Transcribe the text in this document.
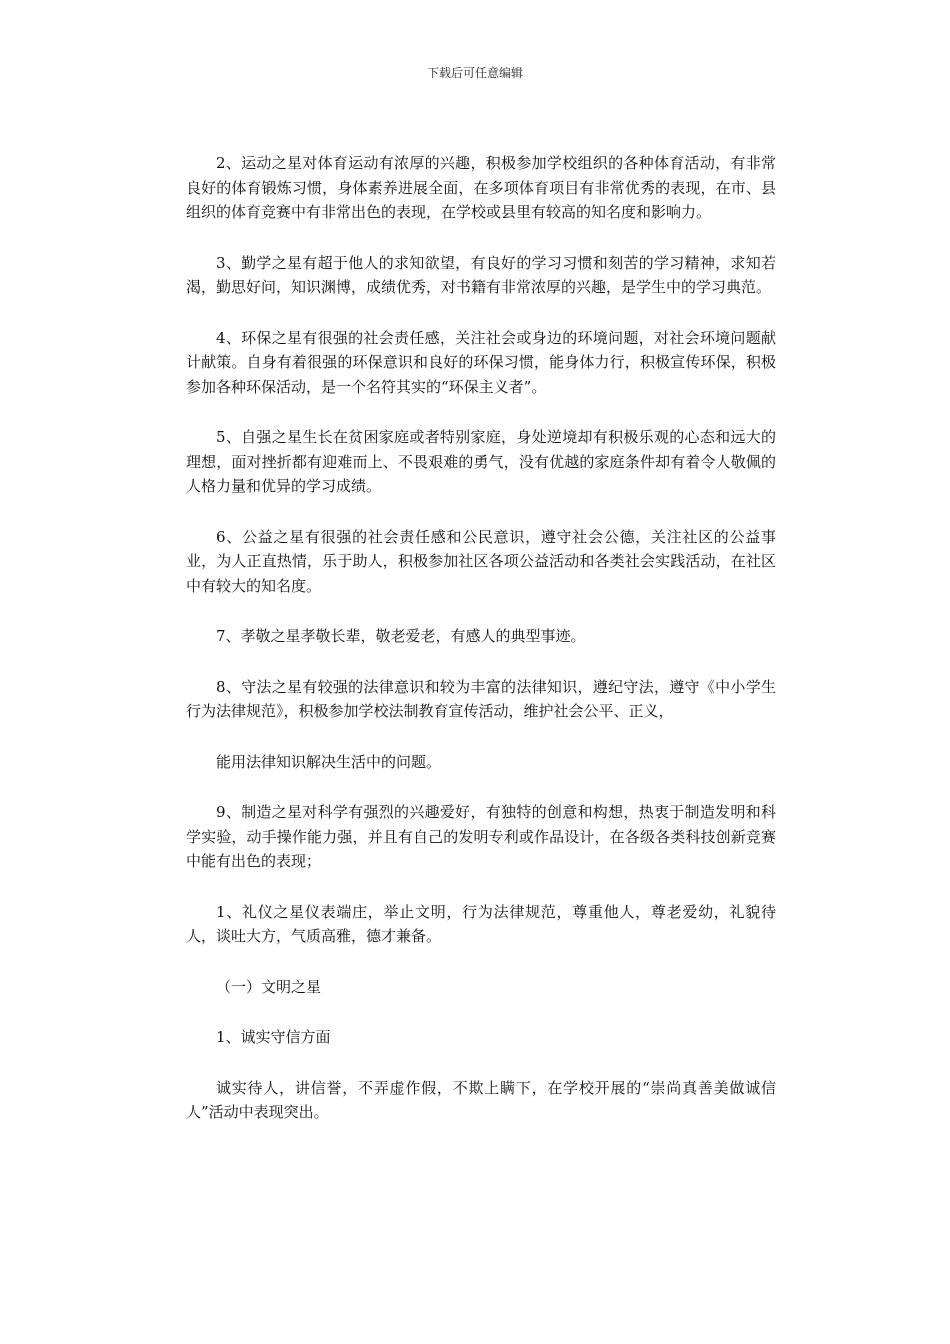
下载后可任意编辑

2、运动之星对体育运动有浓厚的兴趣，积极参加学校组织的各种体育活动，有非常良好的体育锻炼习惯，身体素养进展全面，在多项体育项目有非常优秀的表现，在市、县组织的体育竞赛中有非常出色的表现，在学校或县里有较高的知名度和影响力。

3、勤学之星有超于他人的求知欲望，有良好的学习习惯和刻苦的学习精神，求知若渴，勤思好问，知识渊博，成绩优秀，对书籍有非常浓厚的兴趣，是学生中的学习典范。

4、环保之星有很强的社会责任感，关注社会或身边的环境问题，对社会环境问题献计献策。自身有着很强的环保意识和良好的环保习惯，能身体力行，积极宣传环保，积极参加各种环保活动，是一个名符其实的“环保主义者”。

5、自强之星生长在贫困家庭或者特别家庭，身处逆境却有积极乐观的心态和远大的理想，面对挫折都有迎难而上、不畏艰难的勇气，没有优越的家庭条件却有着令人敬佩的人格力量和优异的学习成绩。

6、公益之星有很强的社会责任感和公民意识，遵守社会公德，关注社区的公益事业，为人正直热情，乐于助人，积极参加社区各项公益活动和各类社会实践活动，在社区中有较大的知名度。

7、孝敬之星孝敬长辈，敬老爱老，有感人的典型事迹。

8、守法之星有较强的法律意识和较为丰富的法律知识，遵纪守法，遵守《中小学生行为法律规范》，积极参加学校法制教育宣传活动，维护社会公平、正义，

能用法律知识解决生活中的问题。

9、制造之星对科学有强烈的兴趣爱好，有独特的创意和构想，热衷于制造发明和科学实验，动手操作能力强，并且有自己的发明专利或作品设计，在各级各类科技创新竞赛中能有出色的表现；

1、礼仪之星仪表端庄，举止文明，行为法律规范，尊重他人，尊老爱幼，礼貌待人，谈吐大方，气质高雅，德才兼备。

（一）文明之星

1、诚实守信方面

诚实待人，讲信誉，不弄虚作假，不欺上瞒下，在学校开展的“崇尚真善美做诚信人”活动中表现突出。
